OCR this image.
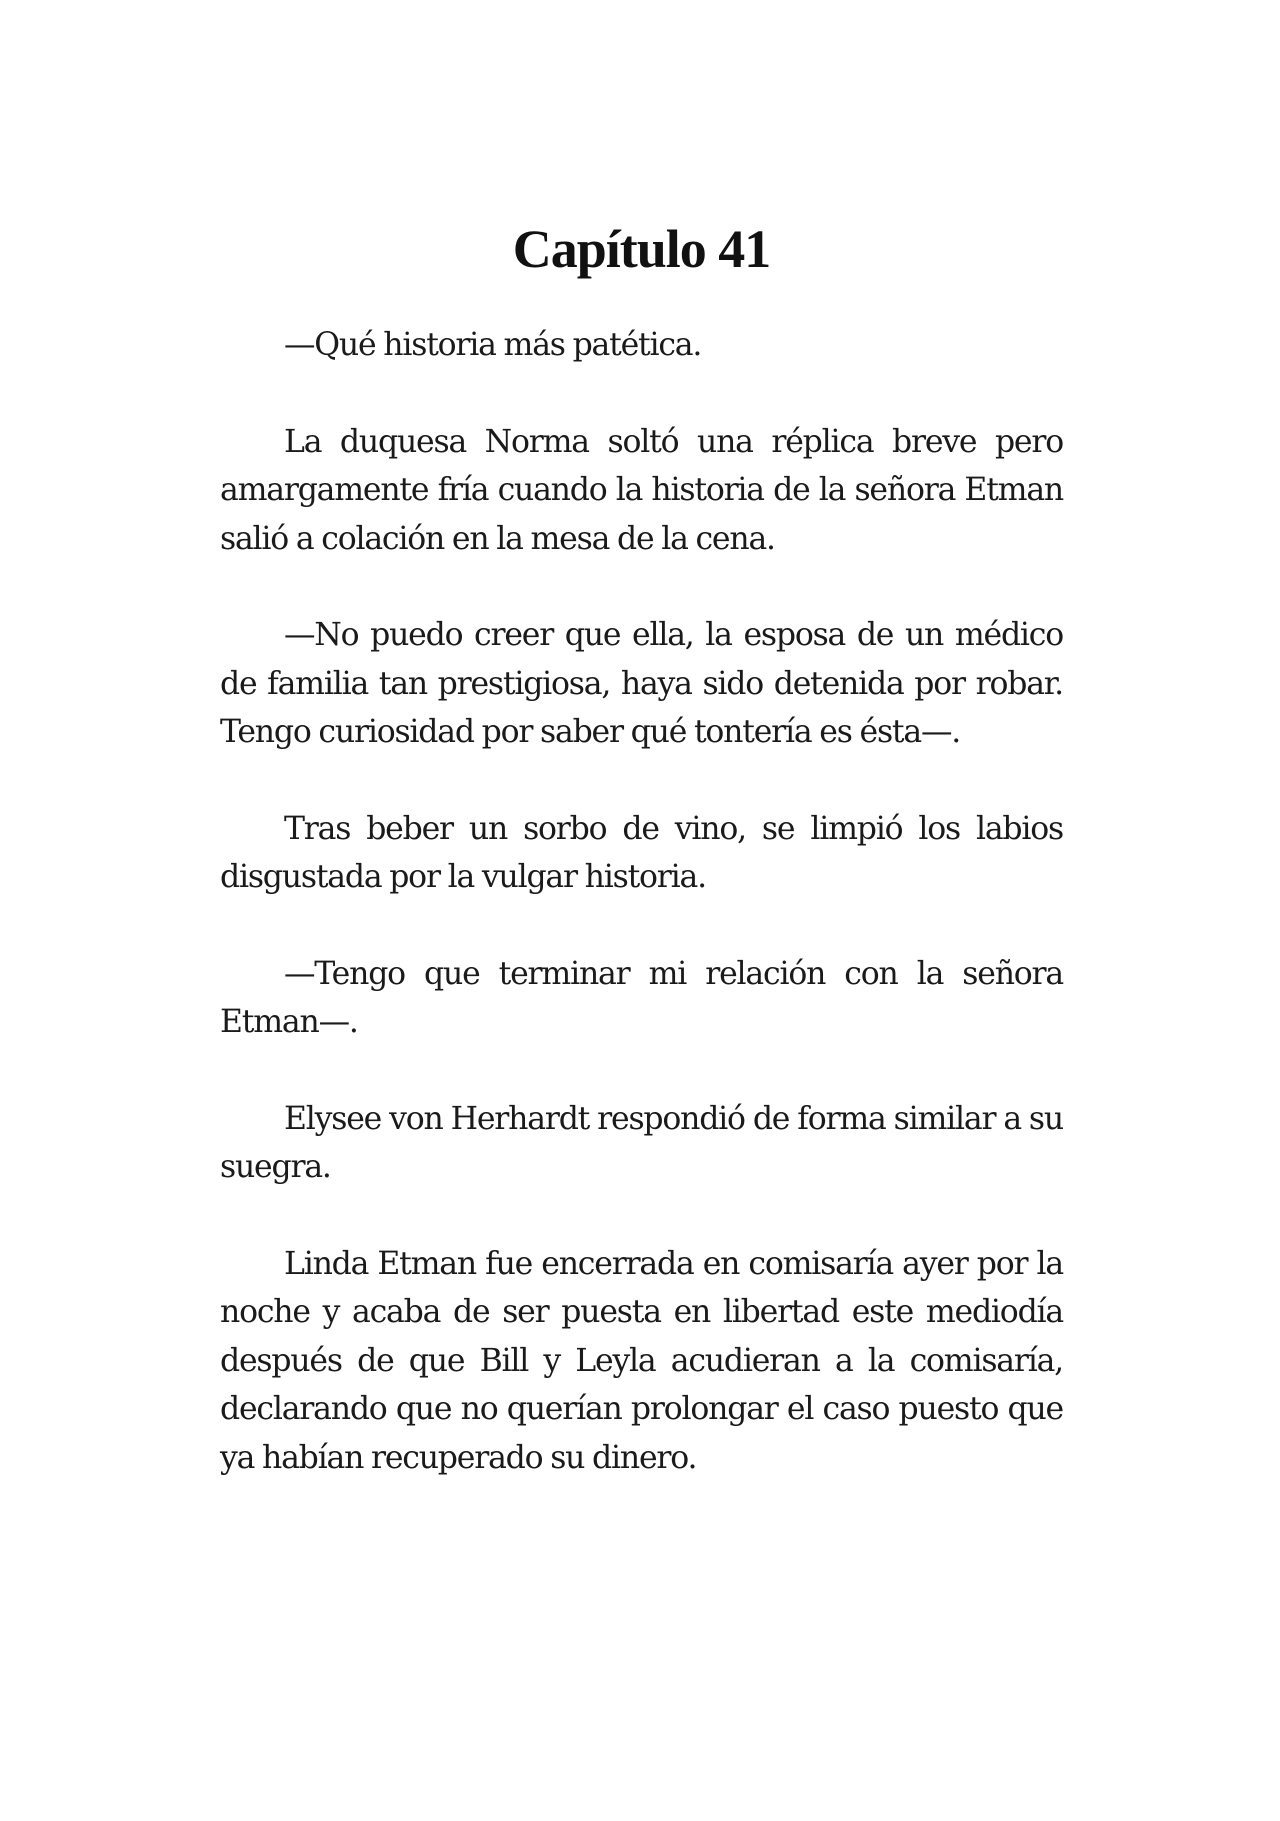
Capítulo 41

—Qué historia más patética.

La duquesa Norma soltó una réplica breve pero amargamente fría cuando la historia de la señora Etman salió a colación en la mesa de la cena.

—No puedo creer que ella, la esposa de un médico de familia tan prestigiosa, haya sido detenida por robar. Tengo curiosidad por saber qué tontería es ésta—.

Tras beber un sorbo de vino, se limpió los labios disgustada por la vulgar historia.

—Tengo que terminar mi relación con la señora Etman—.

Elysee von Herhardt respondió de forma similar a su suegra.

Linda Etman fue encerrada en comisaría ayer por la noche y acaba de ser puesta en libertad este mediodía después de que Bill y Leyla acudieran a la comisaría, declarando que no querían prolongar el caso puesto que ya habían recuperado su dinero.
